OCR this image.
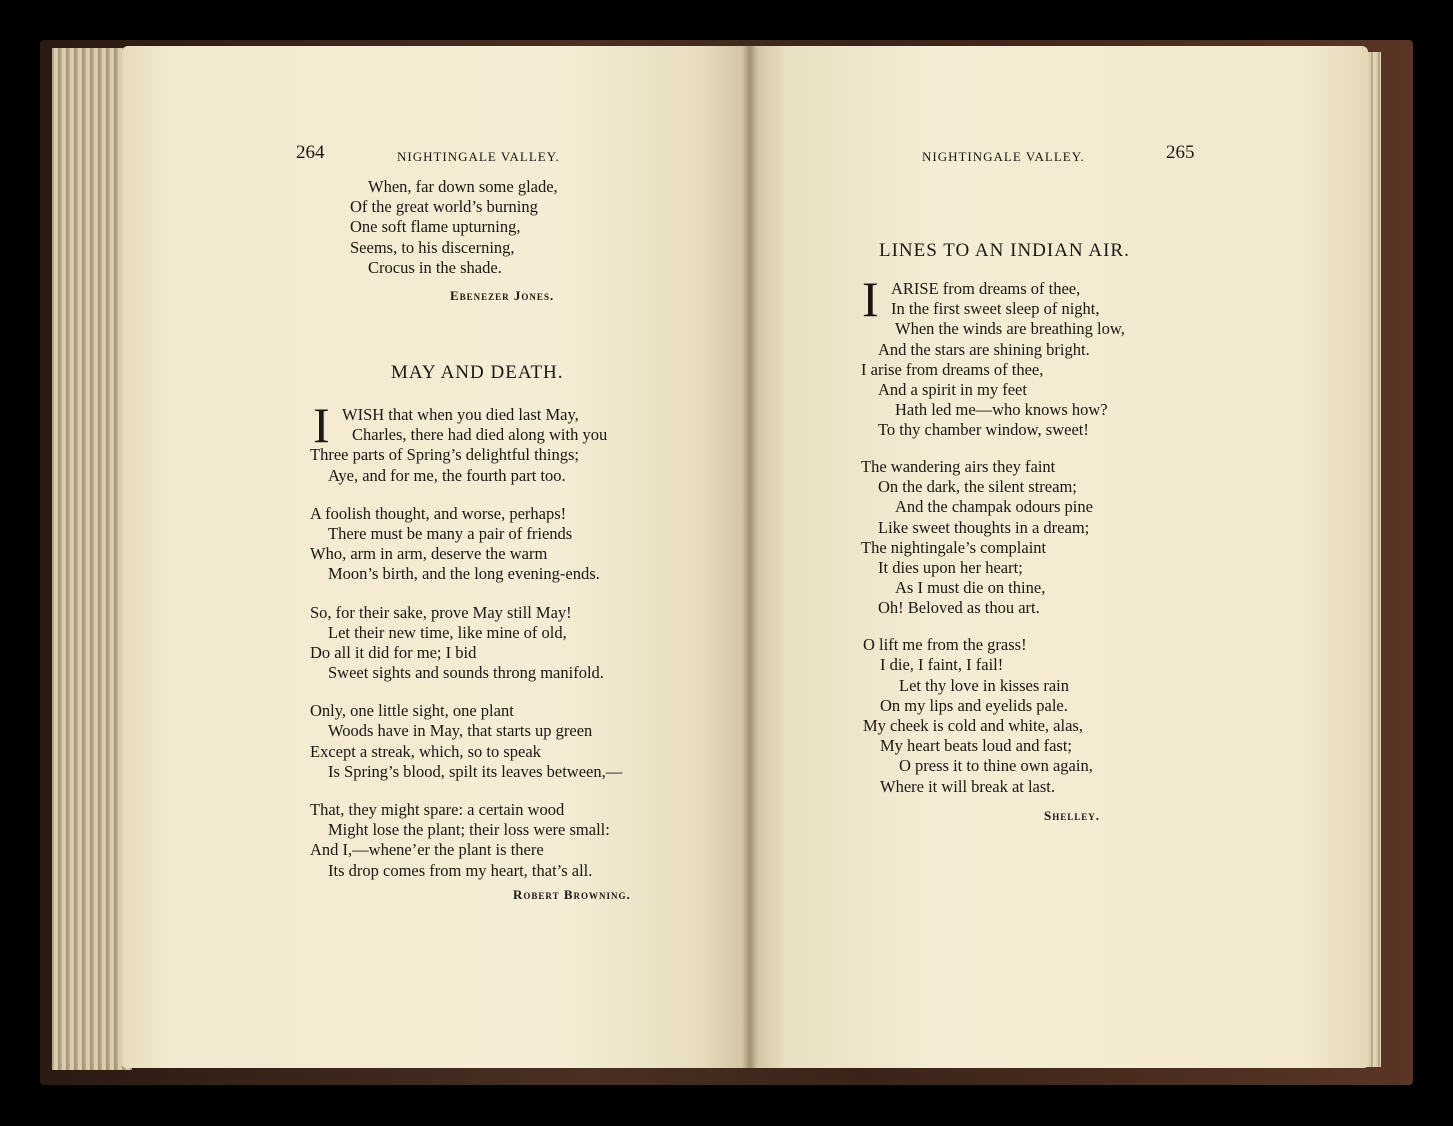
264	NIGHTINGALE VALLEY.
When, far down some glade,
Of the great world’s burning
One soft flame upturning,
Seems, to his discerning,
Crocus in the shade.
Ebenezer Jones.
MAY AND DEATH.
I WISH that when you died last May,
Charles, there had died along with you
Three parts of Spring’s delightful things;
Aye, and for me, the fourth part too.
A foolish thought, and worse, perhaps!
There must be many a pair of friends
Who, arm in arm, deserve the warm
Moon’s birth, and the long evening-ends.
So, for their sake, prove May still May!
Let their new time, like mine of old,
Do all it did for me; I bid
Sweet sights and sounds throng manifold.
Only, one little sight, one plant
Woods have in May, that starts up green
Except a streak, which, so to speak
Is Spring’s blood, spilt its leaves between,—
That, they might spare: a certain wood
Might lose the plant; their loss were small:
And I,—whene’er the plant is there
Its drop comes from my heart, that’s all.
Robert Browning.
NIGHTINGALE VALLEY.	265
LINES TO AN INDIAN AIR.
I ARISE from dreams of thee,
In the first sweet sleep of night,
When the winds are breathing low,
And the stars are shining bright.
I arise from dreams of thee,
And a spirit in my feet
Hath led me—who knows how?
To thy chamber window, sweet!
The wandering airs they faint
On the dark, the silent stream;
And the champak odours pine
Like sweet thoughts in a dream;
The nightingale’s complaint
It dies upon her heart;
As I must die on thine,
Oh! Beloved as thou art.
O lift me from the grass!
I die, I faint, I fail!
Let thy love in kisses rain
On my lips and eyelids pale.
My cheek is cold and white, alas,
My heart beats loud and fast;
O press it to thine own again,
Where it will break at last.
Shelley.
